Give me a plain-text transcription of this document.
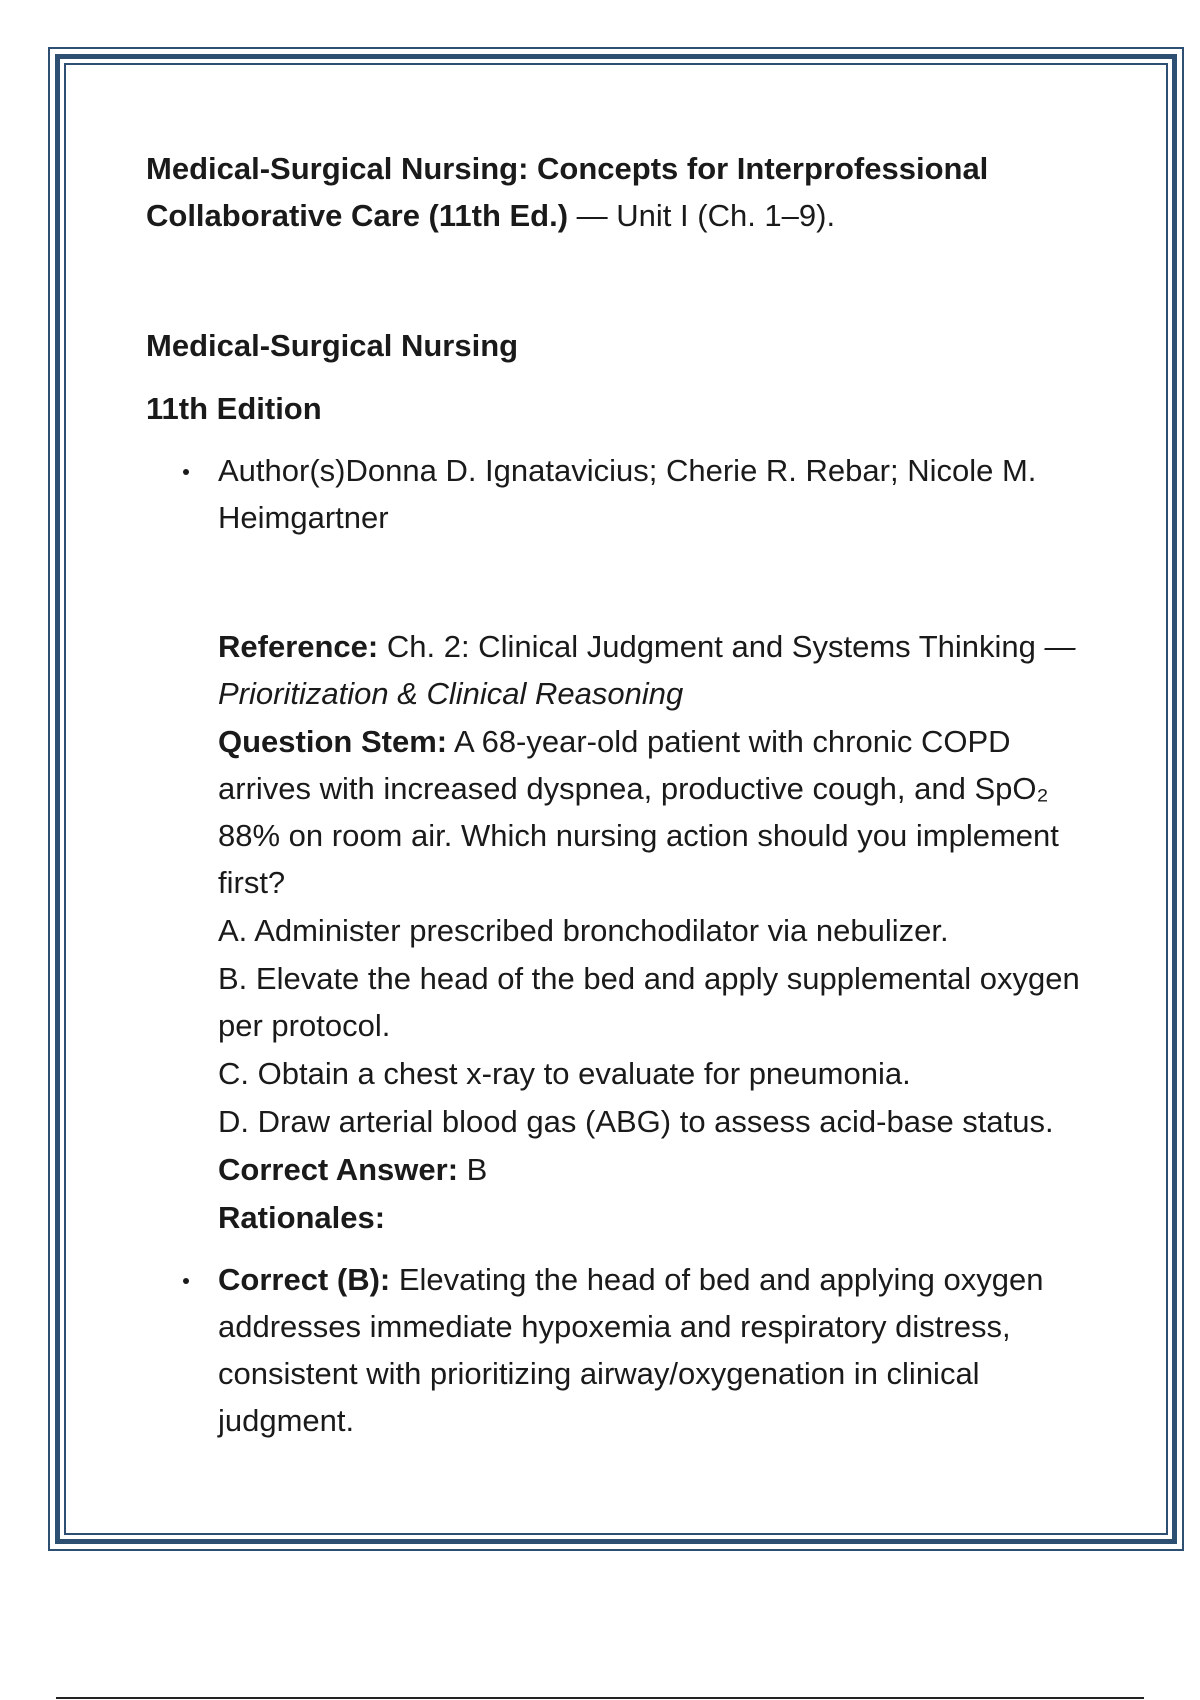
Medical-Surgical Nursing: Concepts for Interprofessional Collaborative Care (11th Ed.) — Unit I (Ch. 1–9).

Medical-Surgical Nursing

11th Edition

Author(s)Donna D. Ignatavicius; Cherie R. Rebar; Nicole M. Heimgartner

Reference: Ch. 2: Clinical Judgment and Systems Thinking — Prioritization & Clinical Reasoning

Question Stem: A 68-year-old patient with chronic COPD arrives with increased dyspnea, productive cough, and SpO₂ 88% on room air. Which nursing action should you implement first?

A. Administer prescribed bronchodilator via nebulizer.

B. Elevate the head of the bed and apply supplemental oxygen per protocol.

C. Obtain a chest x-ray to evaluate for pneumonia.

D. Draw arterial blood gas (ABG) to assess acid-base status.

Correct Answer: B

Rationales:

Correct (B): Elevating the head of bed and applying oxygen addresses immediate hypoxemia and respiratory distress, consistent with prioritizing airway/oxygenation in clinical judgment.
